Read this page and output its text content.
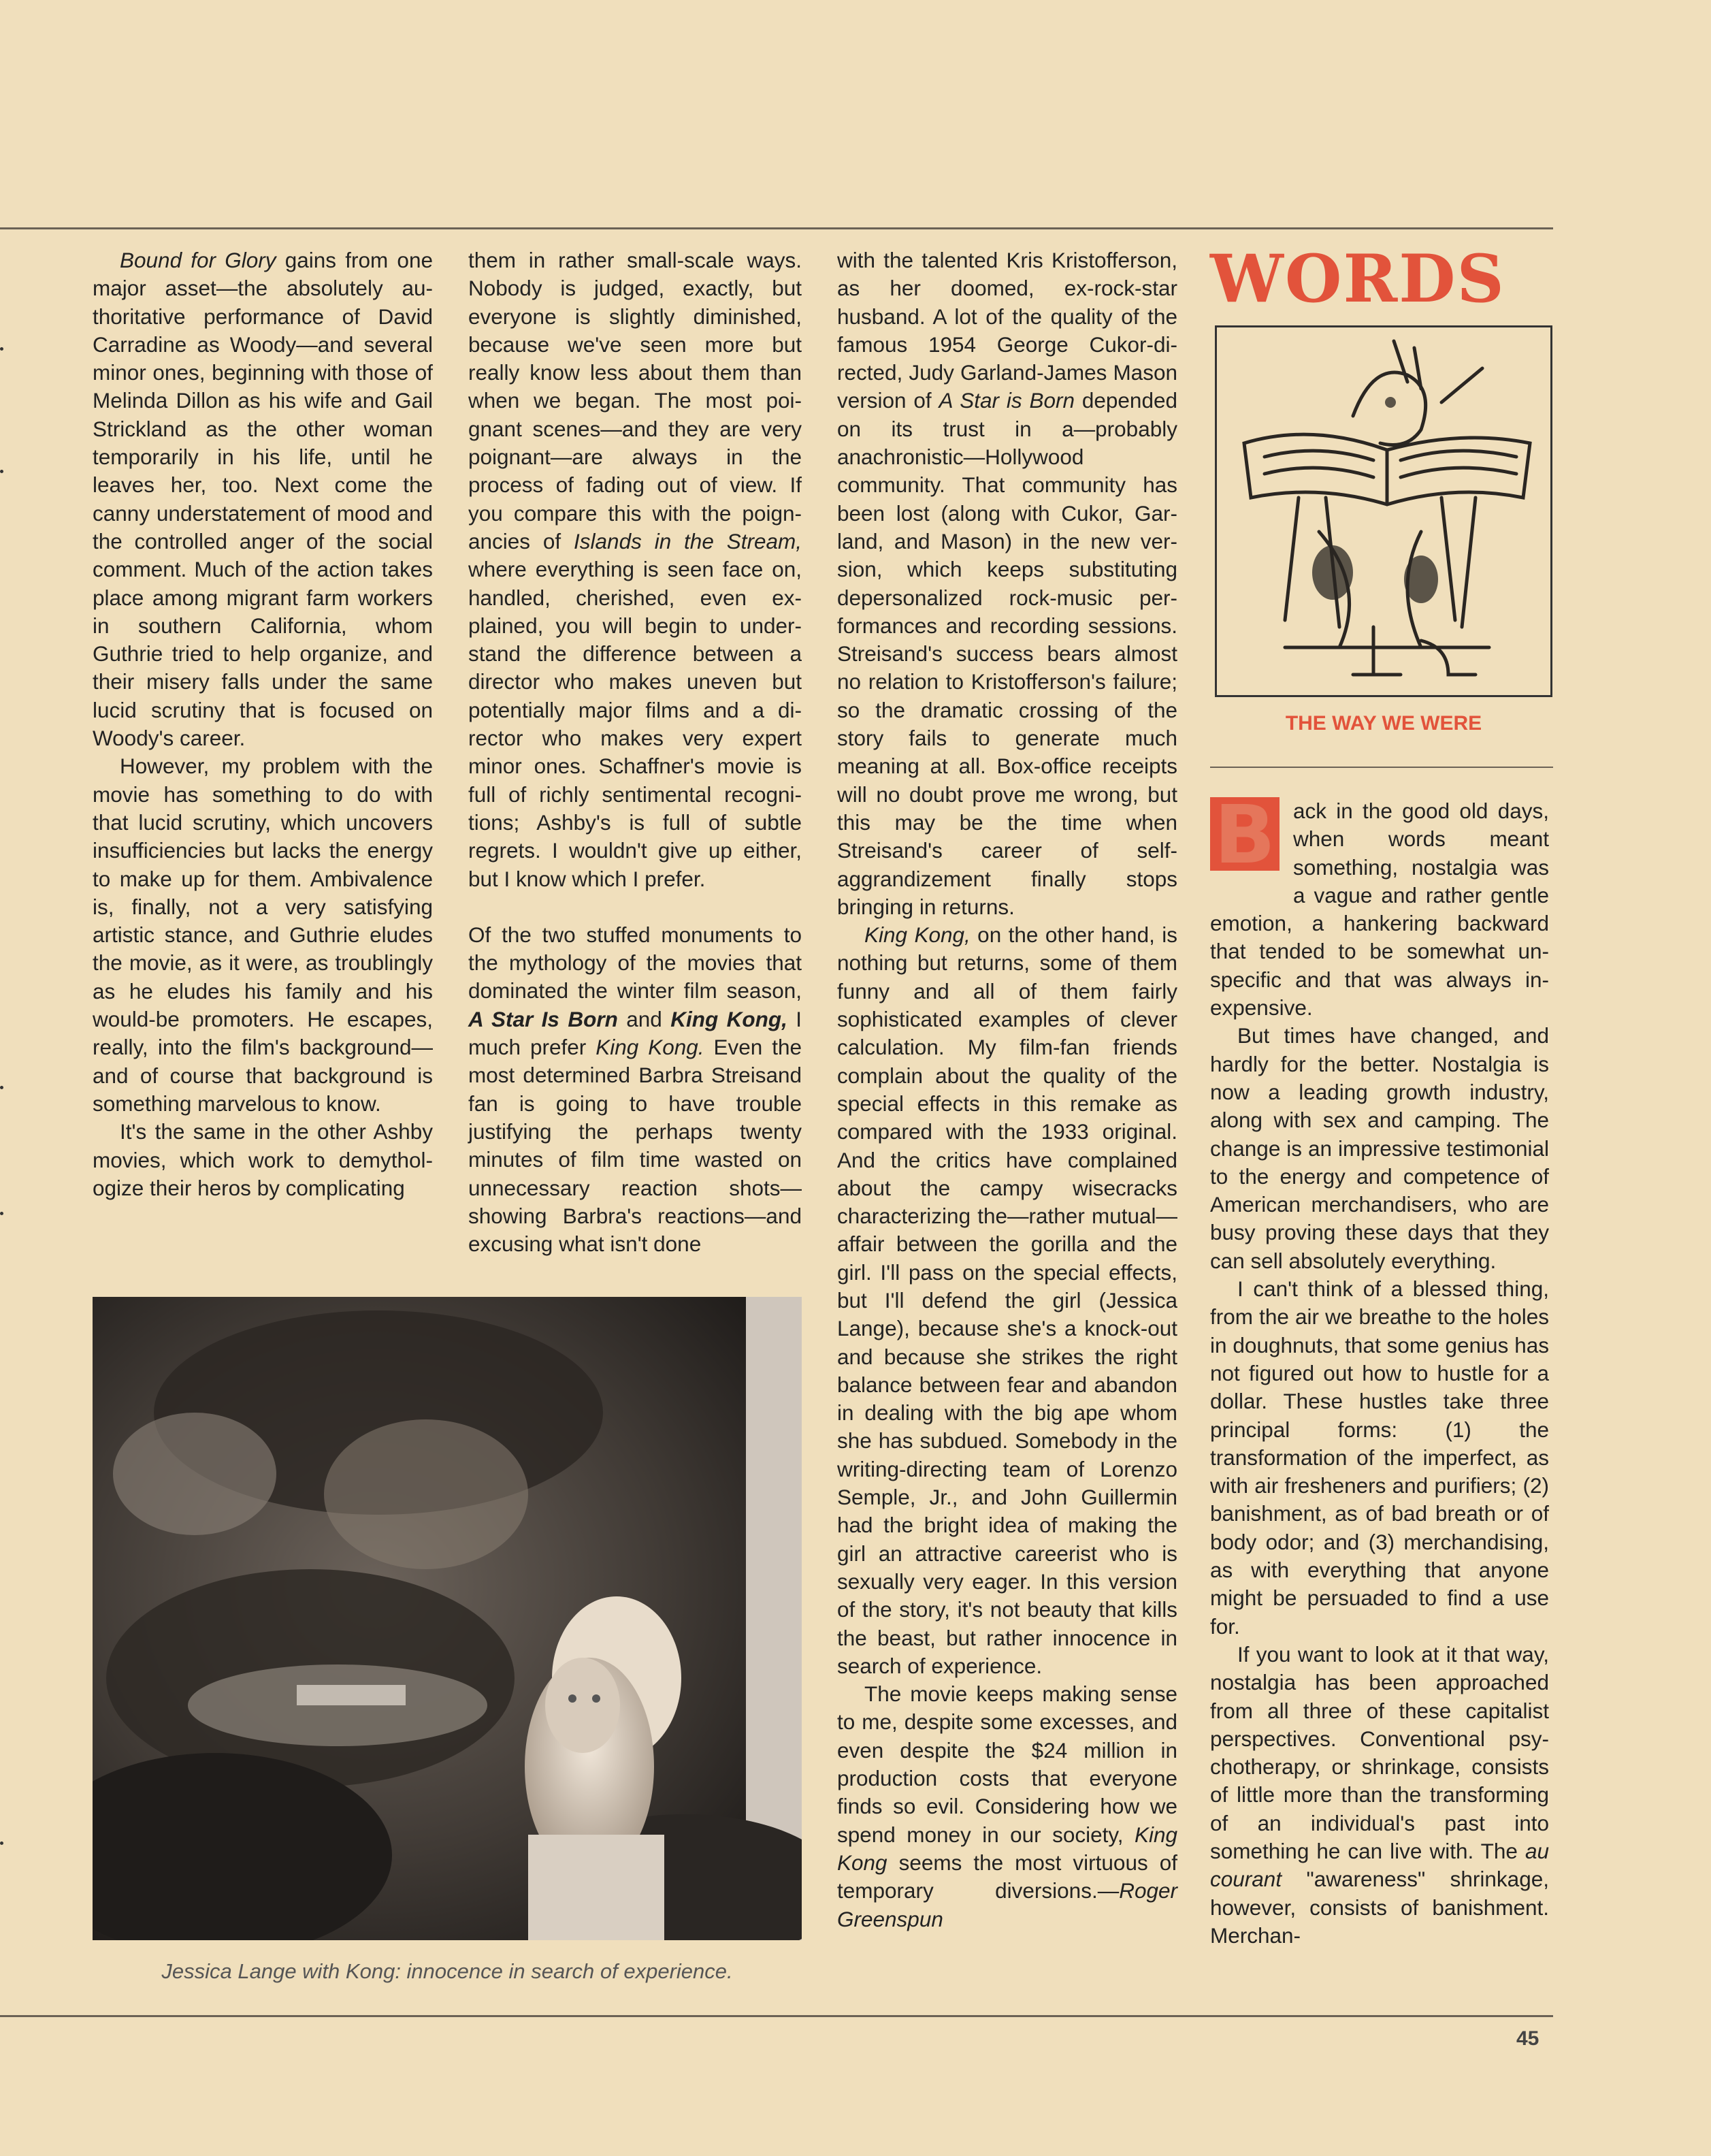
Bound for Glory gains from one major asset—the absolutely authoritative performance of David Carradine as Woody—and several minor ones, beginning with those of Melinda Dillon as his wife and Gail Strickland as the other woman temporarily in his life, until he leaves her, too. Next come the canny understatement of mood and the controlled anger of the social comment. Much of the action takes place among migrant farm workers in southern California, whom Guthrie tried to help organize, and their misery falls under the same lucid scrutiny that is focused on Woody's career.

However, my problem with the movie has something to do with that lucid scrutiny, which uncovers insufficiencies but lacks the energy to make up for them. Ambivalence is, finally, not a very satisfying artistic stance, and Guthrie eludes the movie, as it were, as troublingly as he eludes his family and his would-be promoters. He escapes, really, into the film's background—and of course that background is something marvelous to know.

It's the same in the other Ashby movies, which work to demythologize their heros by complicating

them in rather small-scale ways. Nobody is judged, exactly, but everyone is slightly diminished, because we've seen more but really know less about them than when we began. The most poignant scenes—and they are very poignant—are always in the process of fading out of view. If you compare this with the poignancies of Islands in the Stream, where everything is seen face on, handled, cherished, even explained, you will begin to understand the difference between a director who makes uneven but potentially major films and a director who makes very expert minor ones. Schaffner's movie is full of richly sentimental recognitions; Ashby's is full of subtle regrets. I wouldn't give up either, but I know which I prefer.

Of the two stuffed monuments to the mythology of the movies that dominated the winter film season, A Star Is Born and King Kong, I much prefer King Kong. Even the most determined Barbra Streisand fan is going to have trouble justifying the perhaps twenty minutes of film time wasted on unnecessary reaction shots—showing Barbra's reactions—and excusing what isn't done

Jessica Lange with Kong: innocence in search of experience.

with the talented Kris Kristofferson, as her doomed, ex-rock-star husband. A lot of the quality of the famous 1954 George Cukor-directed, Judy Garland-James Mason version of A Star is Born depended on its trust in a—probably anachronistic—Hollywood community. That community has been lost (along with Cukor, Garland, and Mason) in the new version, which keeps substituting depersonalized rock-music performances and recording sessions. Streisand's success bears almost no relation to Kristofferson's failure; so the dramatic crossing of the story fails to generate much meaning at all. Box-office receipts will no doubt prove me wrong, but this may be the time when Streisand's career of self-aggrandizement finally stops bringing in returns.

King Kong, on the other hand, is nothing but returns, some of them funny and all of them fairly sophisticated examples of clever calculation. My film-fan friends complain about the quality of the special effects in this remake as compared with the 1933 original. And the critics have complained about the campy wisecracks characterizing the—rather mutual—affair between the gorilla and the girl. I'll pass on the special effects, but I'll defend the girl (Jessica Lange), because she's a knock-out and because she strikes the right balance between fear and abandon in dealing with the big ape whom she has subdued. Somebody in the writing-directing team of Lorenzo Semple, Jr., and John Guillermin had the bright idea of making the girl an attractive careerist who is sexually very eager. In this version of the story, it's not beauty that kills the beast, but rather innocence in search of experience.

The movie keeps making sense to me, despite some excesses, and even despite the $24 million in production costs that everyone finds so evil. Considering how we spend money in our society, King Kong seems the most virtuous of temporary diversions.—Roger Greenspun

WORDS
THE WAY WE WERE
B ack in the good old days, when words meant something, nostalgia was a vague and rather gentle emotion, a hankering backward that tended to be somewhat unspecific and that was always inexpensive.

But times have changed, and hardly for the better. Nostalgia is now a leading growth industry, along with sex and camping. The change is an impressive testimonial to the energy and competence of American merchandisers, who are busy proving these days that they can sell absolutely everything.

I can't think of a blessed thing, from the air we breathe to the holes in doughnuts, that some genius has not figured out how to hustle for a dollar. These hustles take three principal forms: (1) the transformation of the imperfect, as with air fresheners and purifiers; (2) banishment, as of bad breath or of body odor; and (3) merchandising, as with everything that anyone might be persuaded to find a use for.

If you want to look at it that way, nostalgia has been approached from all three of these capitalist perspectives. Conventional psychotherapy, or shrinkage, consists of little more than the transforming of an individual's past into something he can live with. The au courant "awareness" shrinkage, however, consists of banishment. Merchan-

45
